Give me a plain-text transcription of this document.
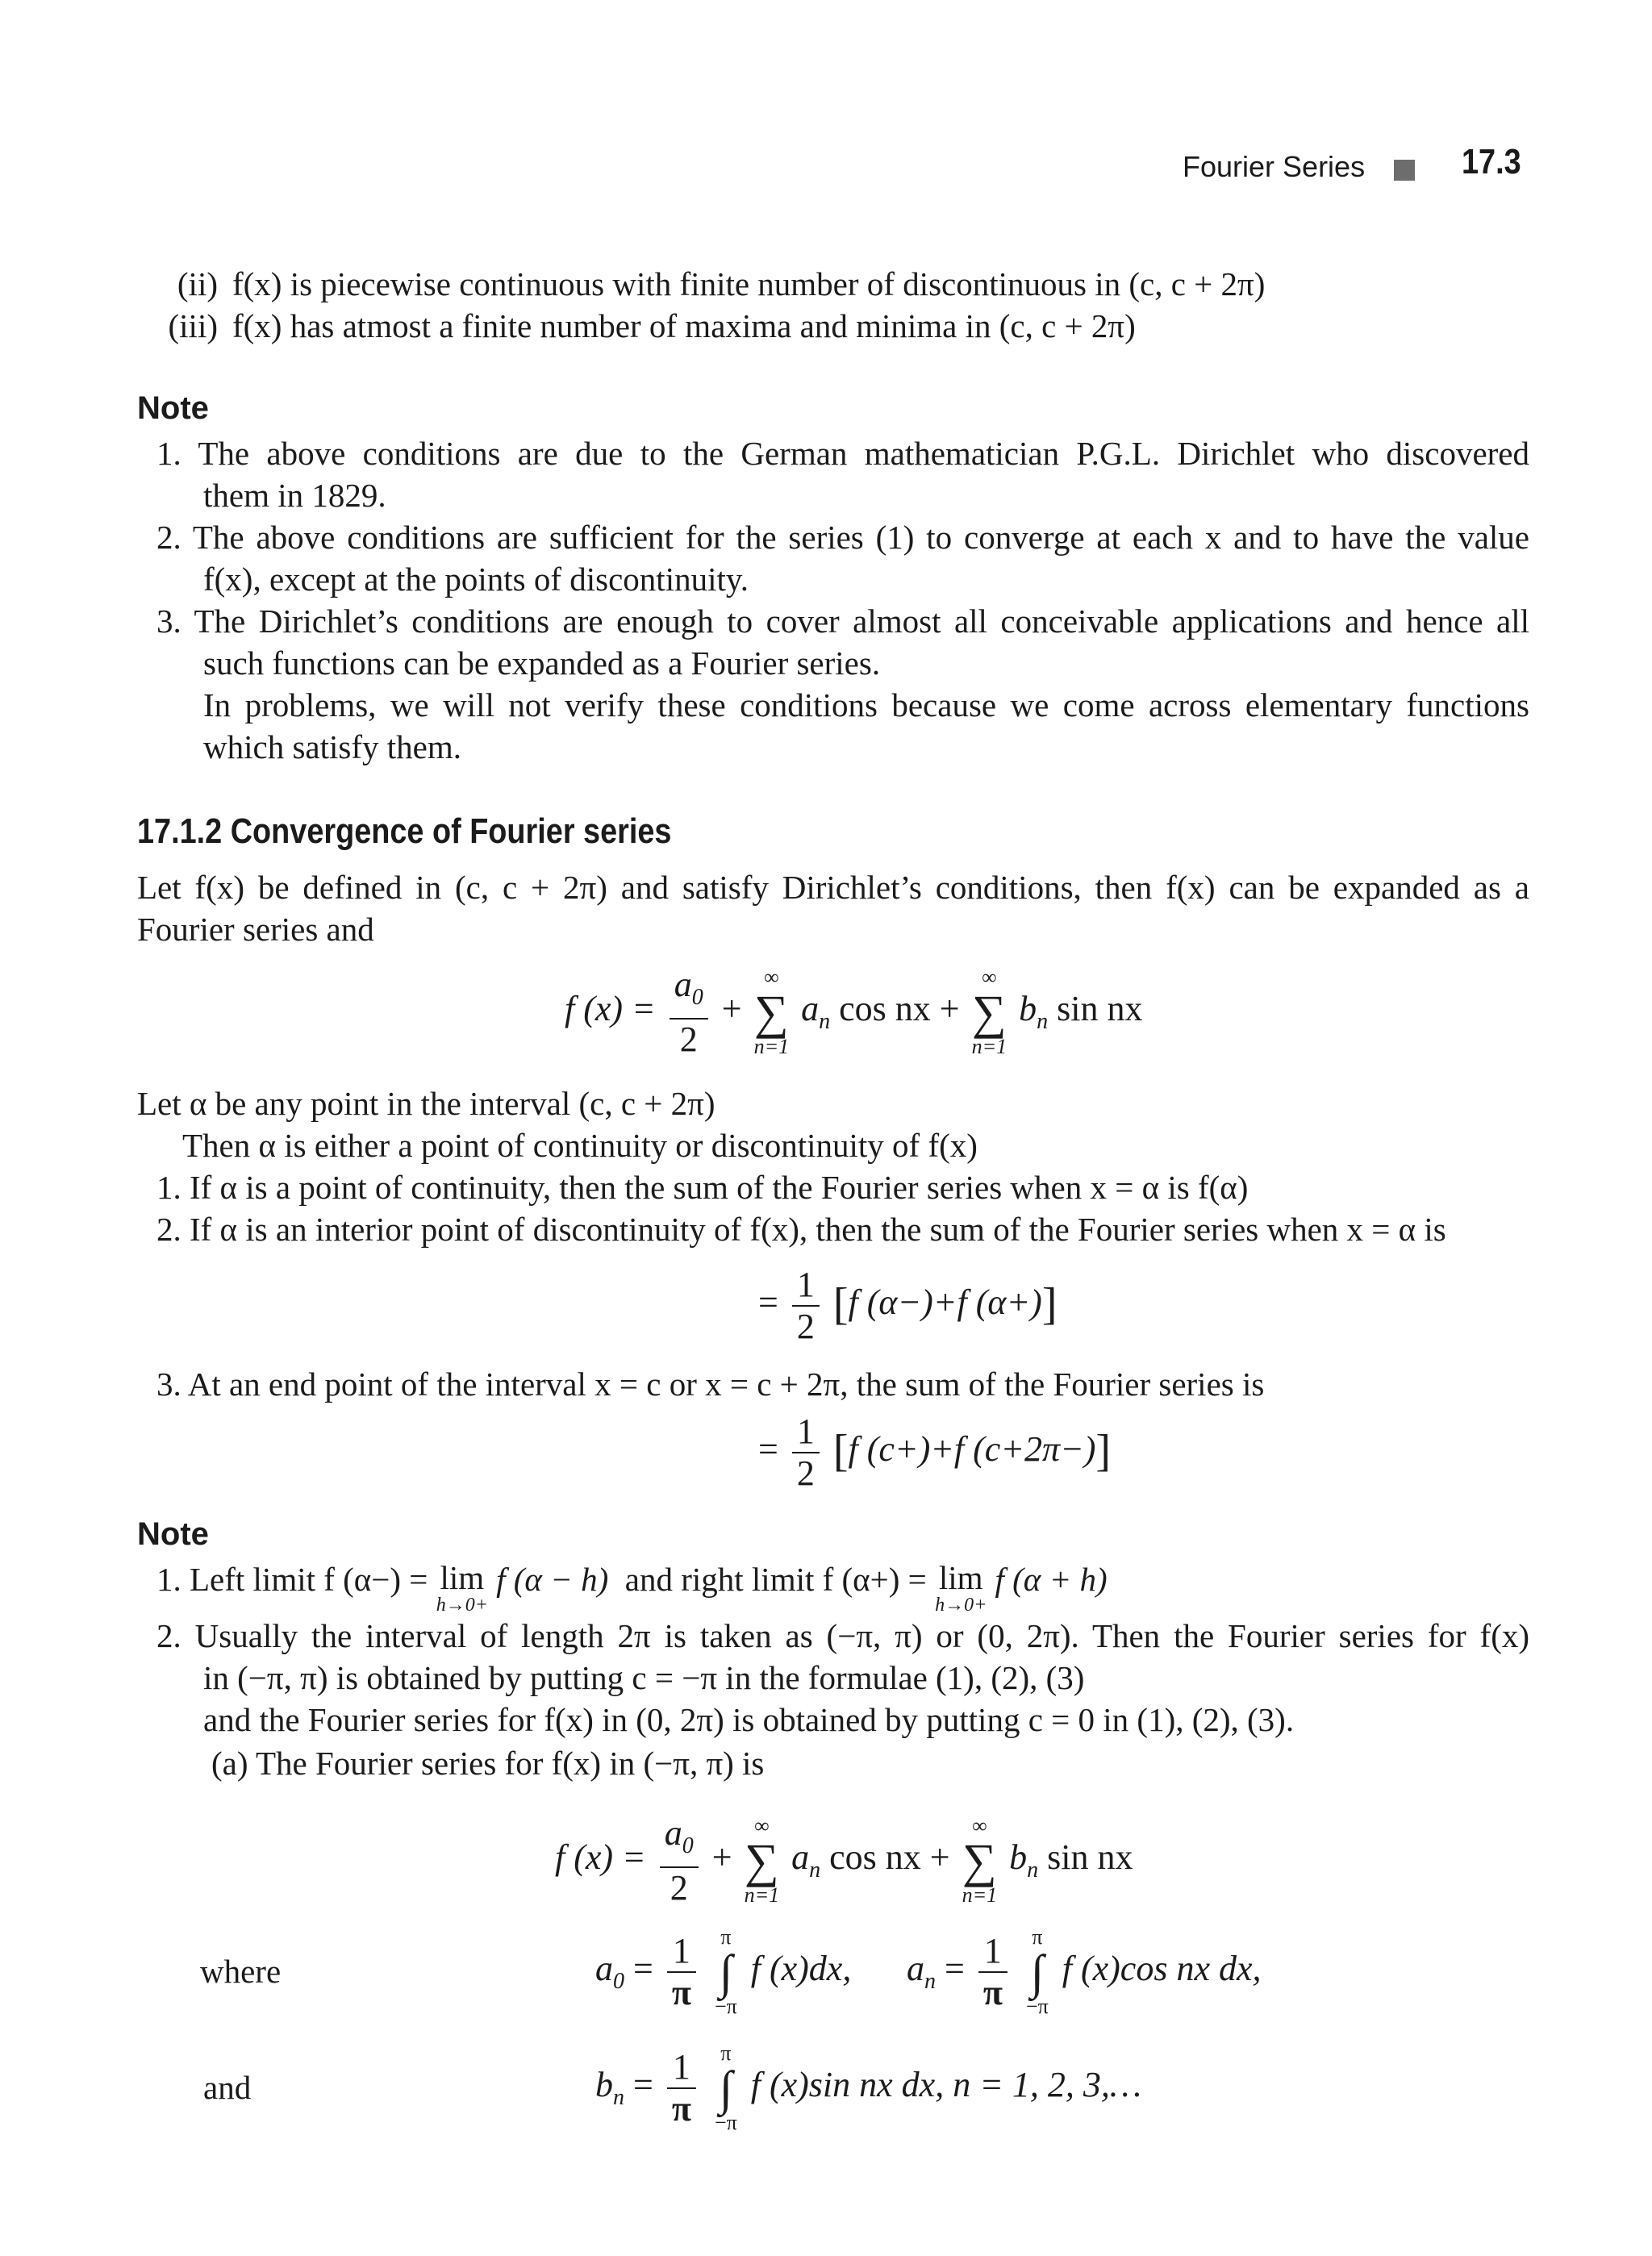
Fourier Series	17.3
(ii) f(x) is piecewise continuous with finite number of discontinuous in (c, c + 2π)
(iii) f(x) has atmost a finite number of maxima and minima in (c, c + 2π)
Note
1. The above conditions are due to the German mathematician P.G.L. Dirichlet who discovered
them in 1829.
2. The above conditions are sufficient for the series (1) to converge at each x and to have the value
f(x), except at the points of discontinuity.
3. The Dirichlet’s conditions are enough to cover almost all conceivable applications and hence all
such functions can be expanded as a Fourier series.
In problems, we will not verify these conditions because we come across elementary functions
which satisfy them.
17.1.2 Convergence of Fourier series
Let f(x) be defined in (c, c + 2π) and satisfy Dirichlet’s conditions, then f(x) can be expanded as a
Fourier series and
f $(x) = \frac{a_0}{2}$ +
∞
∑
n=1
$a_n$ cos nx +
∞
∑
n=1
$b_n$ sin nx
Let α be any point in the interval (c, c + 2π)
Then α is either a point of continuity or discontinuity of f(x)
1. If α is a point of continuity, then the sum of the Fourier series when x = α is f(α)
2. If α is an interior point of discontinuity of f(x), then the sum of the Fourier series when x = α is
= $\frac{1}{2} [f$ (α−)+f (α+)]
3. At an end point of the interval x = c or x = c + 2π, the sum of the Fourier series is
= $\frac{1}{2} [f$ (c+)+f (c+2π−)]
Note
1. Left limit f (α−) = lim
h→0+
f (α − h) and right limit f (α+) = lim
h→0+
f (α + h)
2. Usually the interval of length 2π is taken as (−π, π) or (0, 2π). Then the Fourier series for f(x)
in (−π, π) is obtained by putting c = −π in the formulae (1), (2), (3)
and the Fourier series for f(x) in (0, 2π) is obtained by putting c = 0 in (1), (2), (3).
(a) The Fourier series for f(x) in (−π, π) is
f $(x) = \frac{a_0}{2}$ +
∞
∑
n=1
$a_n$ cos nx +
∞
∑
n=1
$b_n$ sin nx
where	$a_0 = \frac{1}{\pi}$
π
∫
−π
f (x)dx, $a_n = \frac{1}{\pi}$
π
∫
−π
f (x)cos nx dx,
and	$b_n = \frac{1}{\pi}$
π
∫
−π
f (x)sin nx dx, n = 1, 2, 3,…
